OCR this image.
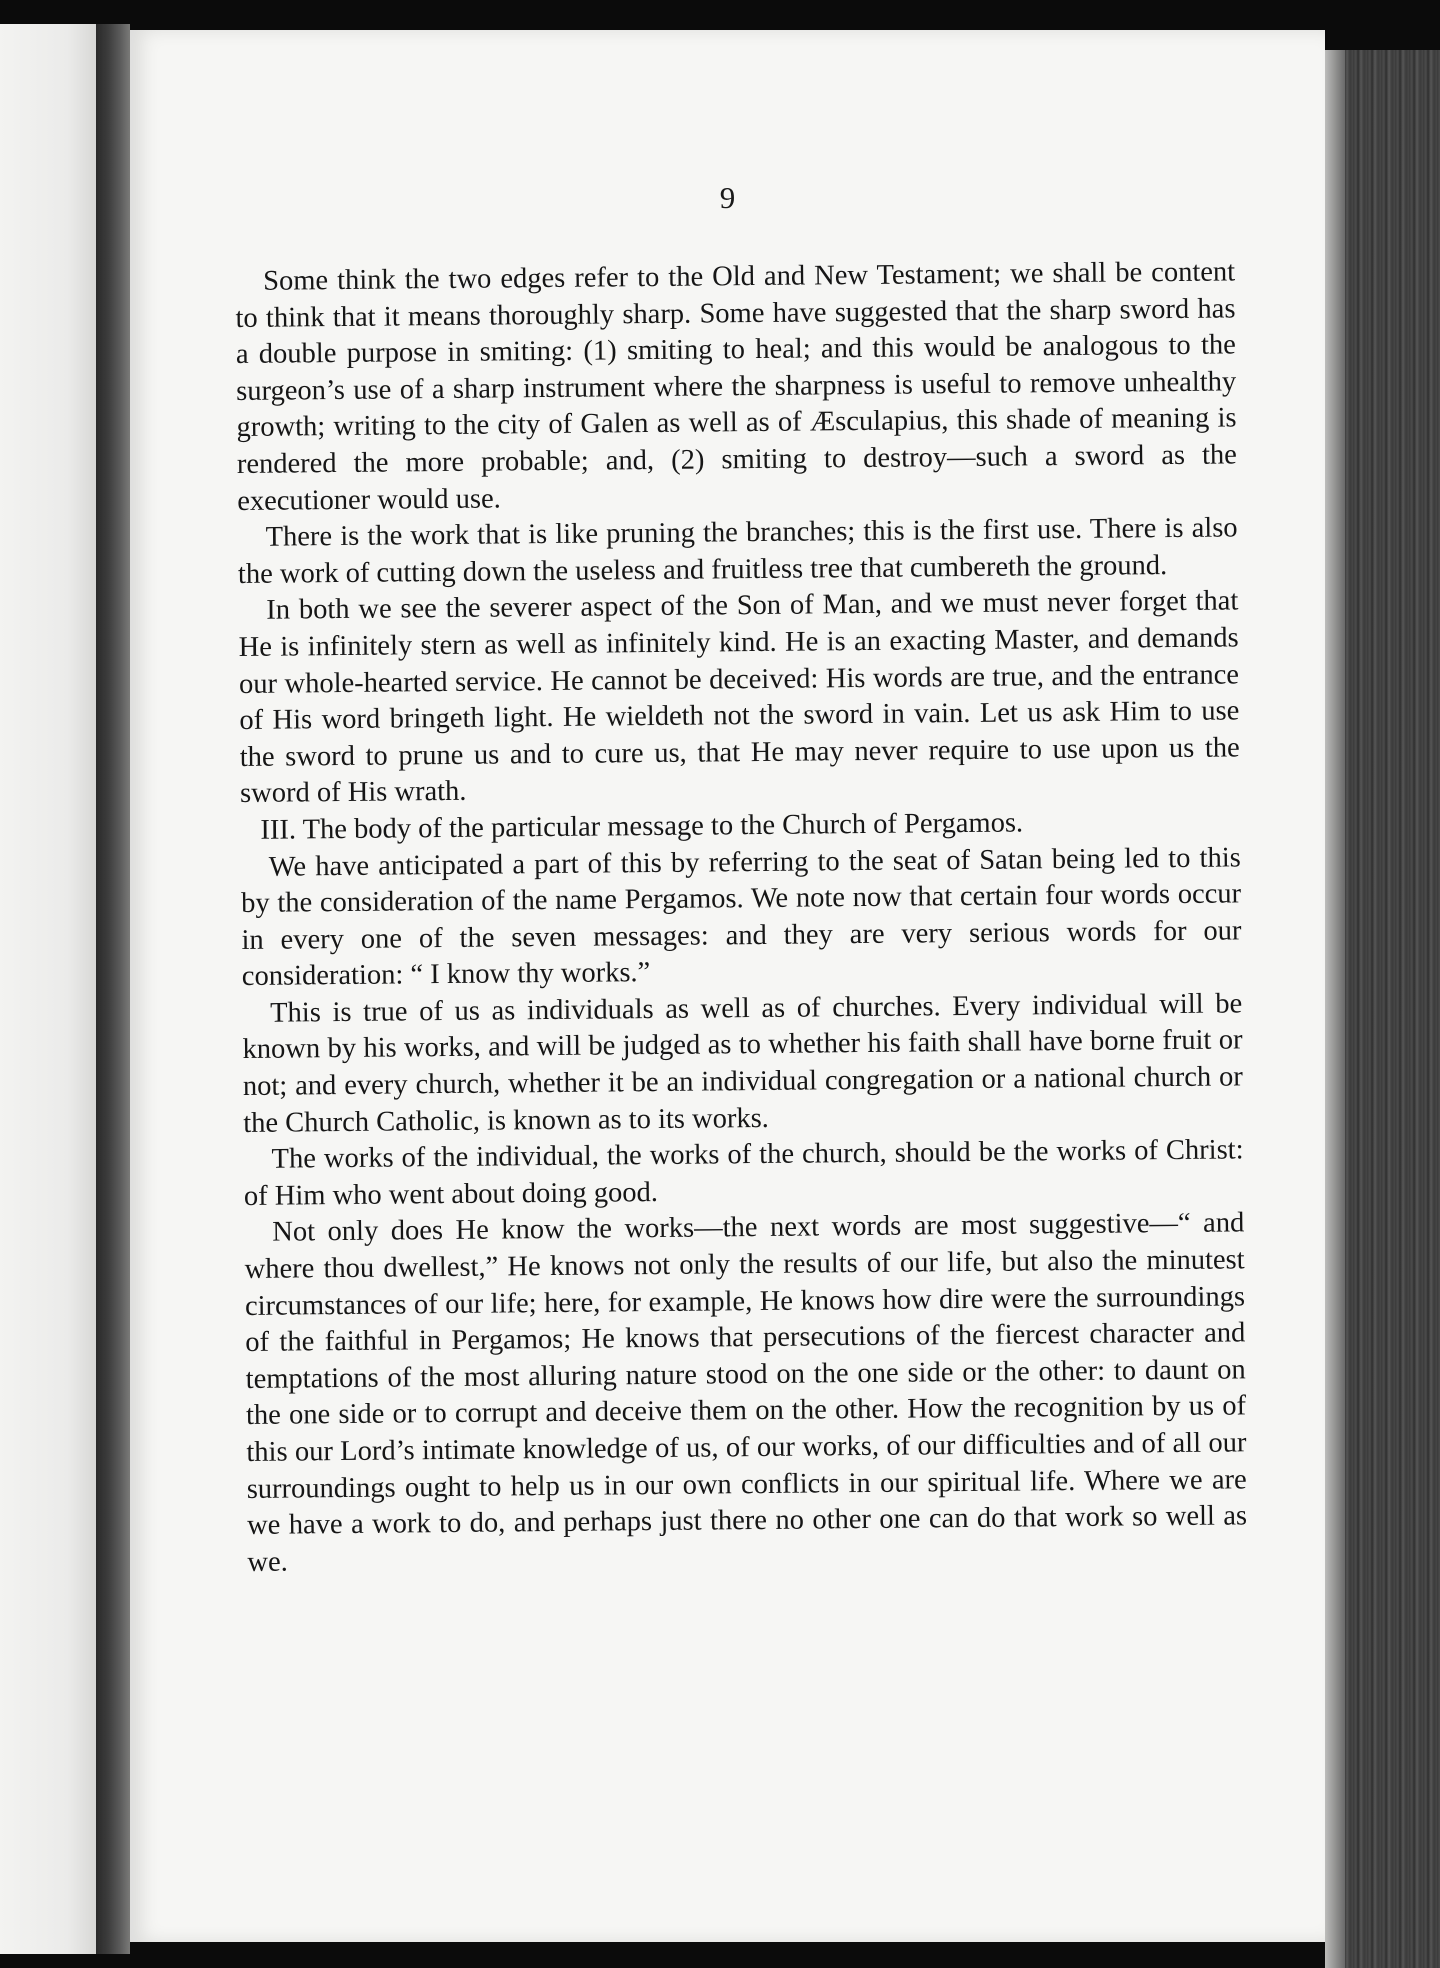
9

Some think the two edges refer to the Old and New Testament; we shall be content to think that it means thoroughly sharp. Some have suggested that the sharp sword has a double purpose in smiting: (1) smiting to heal; and this would be analogous to the surgeon’s use of a sharp instrument where the sharpness is useful to remove unhealthy growth; writing to the city of Galen as well as of Æsculapius, this shade of meaning is rendered the more probable; and, (2) smiting to destroy—such a sword as the executioner would use.

There is the work that is like pruning the branches; this is the first use. There is also the work of cutting down the useless and fruitless tree that cumbereth the ground.

In both we see the severer aspect of the Son of Man, and we must never forget that He is infinitely stern as well as infinitely kind. He is an exacting Master, and demands our whole-hearted service. He cannot be deceived: His words are true, and the entrance of His word bringeth light. He wieldeth not the sword in vain. Let us ask Him to use the sword to prune us and to cure us, that He may never require to use upon us the sword of His wrath.

III. The body of the particular message to the Church of Pergamos.

We have anticipated a part of this by referring to the seat of Satan being led to this by the consideration of the name Pergamos. We note now that certain four words occur in every one of the seven messages: and they are very serious words for our consideration: “ I know thy works.”

This is true of us as individuals as well as of churches. Every individual will be known by his works, and will be judged as to whether his faith shall have borne fruit or not; and every church, whether it be an individual congregation or a national church or the Church Catholic, is known as to its works.

The works of the individual, the works of the church, should be the works of Christ: of Him who went about doing good.

Not only does He know the works—the next words are most suggestive—“ and where thou dwellest,” He knows not only the results of our life, but also the minutest circumstances of our life; here, for example, He knows how dire were the surroundings of the faithful in Pergamos; He knows that persecutions of the fiercest character and temptations of the most alluring nature stood on the one side or the other: to daunt on the one side or to corrupt and deceive them on the other. How the recognition by us of this our Lord’s intimate knowledge of us, of our works, of our difficulties and of all our surroundings ought to help us in our own conflicts in our spiritual life. Where we are we have a work to do, and perhaps just there no other one can do that work so well as we.
